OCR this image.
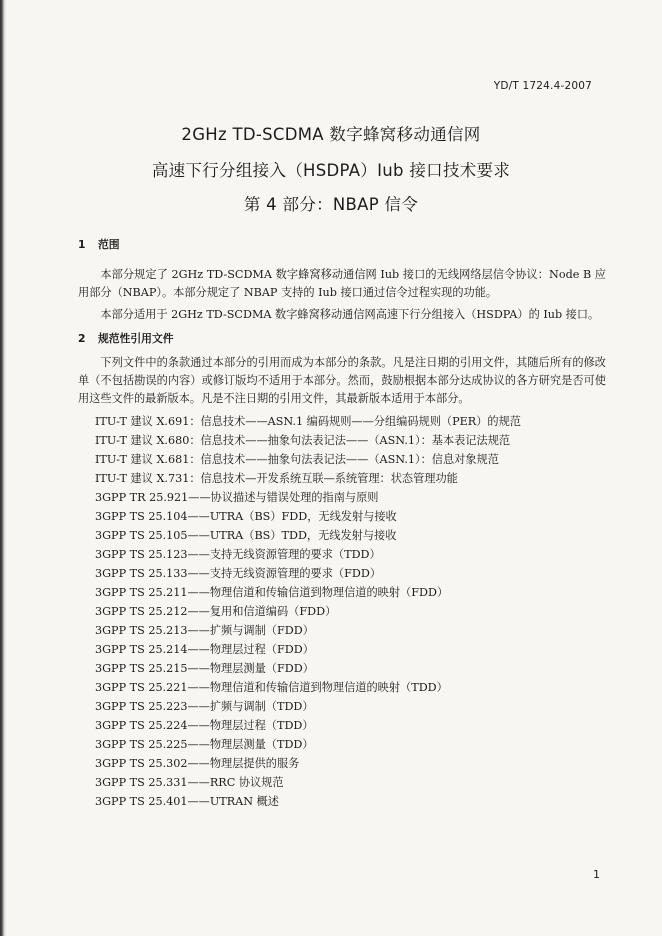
YD/T 1724.4-2007
2GHz TD-SCDMA 数字蜂窝移动通信网
高速下行分组接入（HSDPA）Iub 接口技术要求
第 4 部分：NBAP 信令

1 范围

本部分规定了 2GHz TD-SCDMA 数字蜂窝移动通信网 Iub 接口的无线网络层信令协议：Node B 应用部分（NBAP）。本部分规定了 NBAP 支持的 Iub 接口通过信令过程实现的功能。

本部分适用于 2GHz TD-SCDMA 数字蜂窝移动通信网高速下行分组接入（HSDPA）的 Iub 接口。

2 规范性引用文件

下列文件中的条款通过本部分的引用而成为本部分的条款。凡是注日期的引用文件，其随后所有的修改单（不包括勘误的内容）或修订版均不适用于本部分。然而，鼓励根据本部分达成协议的各方研究是否可使用这些文件的最新版本。凡是不注日期的引用文件，其最新版本适用于本部分。

ITU-T 建议 X.691：信息技术——ASN.1 编码规则——分组编码规则（PER）的规范
ITU-T 建议 X.680：信息技术——抽象句法表记法——（ASN.1）：基本表记法规范
ITU-T 建议 X.681：信息技术——抽象句法表记法——（ASN.1）：信息对象规范
ITU-T 建议 X.731：信息技术—开发系统互联—系统管理：状态管理功能
3GPP TR 25.921——协议描述与错误处理的指南与原则
3GPP TS 25.104——UTRA（BS）FDD，无线发射与接收
3GPP TS 25.105——UTRA（BS）TDD，无线发射与接收
3GPP TS 25.123——支持无线资源管理的要求（TDD）
3GPP TS 25.133——支持无线资源管理的要求（FDD）
3GPP TS 25.211——物理信道和传输信道到物理信道的映射（FDD）
3GPP TS 25.212——复用和信道编码（FDD）
3GPP TS 25.213——扩频与调制（FDD）
3GPP TS 25.214——物理层过程（FDD）
3GPP TS 25.215——物理层测量（FDD）
3GPP TS 25.221——物理信道和传输信道到物理信道的映射（TDD）
3GPP TS 25.223——扩频与调制（TDD）
3GPP TS 25.224——物理层过程（TDD）
3GPP TS 25.225——物理层测量（TDD）
3GPP TS 25.302——物理层提供的服务
3GPP TS 25.331——RRC 协议规范
3GPP TS 25.401——UTRAN 概述
1
